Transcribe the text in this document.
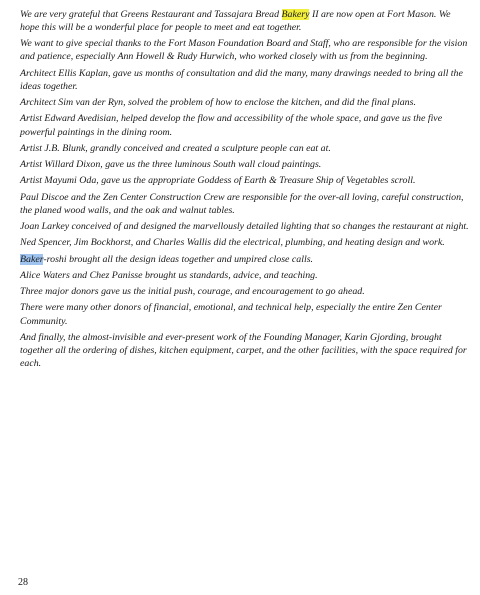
We are very grateful that Greens Restaurant and Tassajara Bread Bakery II are now open at Fort Mason. We hope this will be a wonderful place for people to meet and eat together.

We want to give special thanks to the Fort Mason Foundation Board and Staff, who are responsible for the vision and patience, especially Ann Howell & Rudy Hurwich, who worked closely with us from the beginning.

Architect Ellis Kaplan, gave us months of consultation and did the many, many drawings needed to bring all the ideas together.

Architect Sim van der Ryn, solved the problem of how to enclose the kitchen, and did the final plans.

Artist Edward Avedisian, helped develop the flow and accessibility of the whole space, and gave us the five powerful paintings in the dining room.

Artist J.B. Blunk, grandly conceived and created a sculpture people can eat at.

Artist Willard Dixon, gave us the three luminous South wall cloud paintings.

Artist Mayumi Oda, gave us the appropriate Goddess of Earth & Treasure Ship of Vegetables scroll.

Paul Discoe and the Zen Center Construction Crew are responsible for the over-all loving, careful construction, the planed wood walls, and the oak and walnut tables.

Joan Larkey conceived of and designed the marvellously detailed lighting that so changes the restaurant at night.

Ned Spencer, Jim Bockhorst, and Charles Wallis did the electrical, plumbing, and heating design and work.

Baker-roshi brought all the design ideas together and umpired close calls.

Alice Waters and Chez Panisse brought us standards, advice, and teaching.

Three major donors gave us the initial push, courage, and encouragement to go ahead.

There were many other donors of financial, emotional, and technical help, especially the entire Zen Center Community.

And finally, the almost-invisible and ever-present work of the Founding Manager, Karin Gjording, brought together all the ordering of dishes, kitchen equipment, carpet, and the other facilities, with the space required for each.

28
